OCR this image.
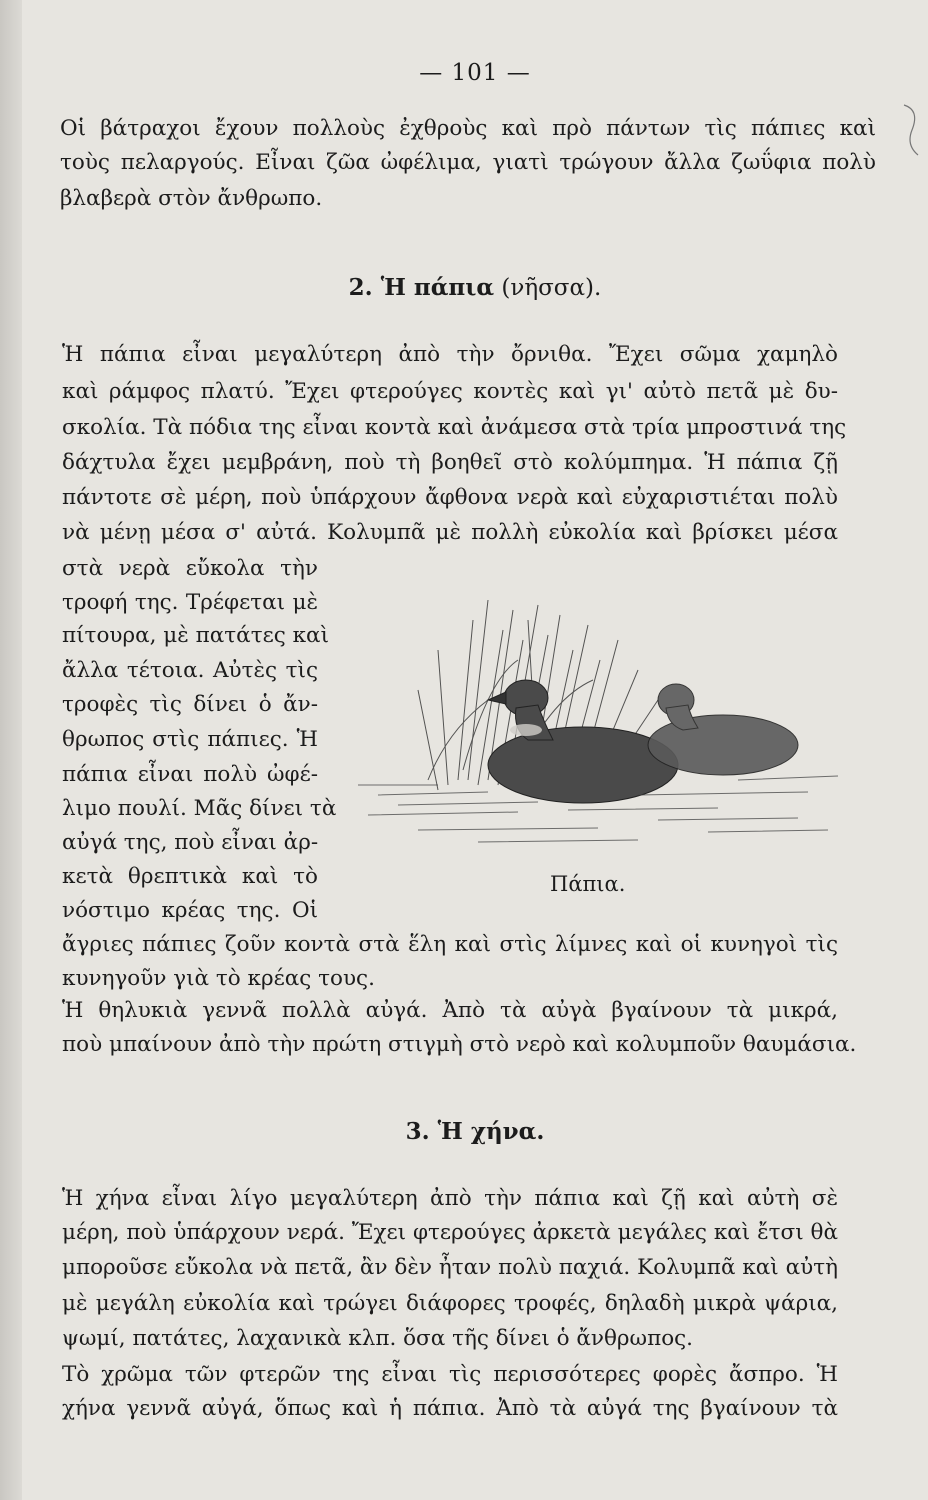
— 101 —
Οἱ βάτραχοι ἔχουν πολλοὺς ἐχθροὺς καὶ πρὸ πάντων τὶς πάπιες καὶ
τοὺς πελαργούς. Εἶναι ζῶα ὠφέλιμα, γιατὶ τρώγουν ἄλλα ζωΰφια πολὺ
βλαβερὰ στὸν ἄνθρωπο.
2. Ἡ πάπια (νῆσσα).
Ἡ πάπια εἶναι μεγαλύτερη ἀπὸ τὴν ὄρνιθα. Ἔχει σῶμα χαμηλὸ
καὶ ράμφος πλατύ. Ἔχει φτερούγες κοντὲς καὶ γι' αὐτὸ πετᾶ μὲ δυ-
σκολία. Τὰ πόδια της εἶναι κοντὰ καὶ ἀνάμεσα στὰ τρία μπροστινά της
δάχτυλα ἔχει μεμβράνη, ποὺ τὴ βοηθεῖ στὸ κολύμπημα. Ἡ πάπια ζῇ
πάντοτε σὲ μέρη, ποὺ ὑπάρχουν ἄφθονα νερὰ καὶ εὐχαριστιέται πολὺ
νὰ μένῃ μέσα σ' αὐτά. Κολυμπᾶ μὲ πολλὴ εὐκολία καὶ βρίσκει μέσα
στὰ νερὰ εὔκολα τὴν
τροφή της. Τρέφεται μὲ
πίτουρα, μὲ πατάτες καὶ
ἄλλα τέτοια. Αὐτὲς τὶς
τροφὲς τὶς δίνει ὁ ἄν-
θρωπος στὶς πάπιες. Ἡ
πάπια εἶναι πολὺ ὠφέ-
λιμο πουλί. Μᾶς δίνει τὰ
αὐγά της, ποὺ εἶναι ἀρ-
κετὰ θρεπτικὰ καὶ τὸ
νόστιμο κρέας της. Οἱ
Πάπια.
ἄγριες πάπιες ζοῦν κοντὰ στὰ ἕλη καὶ στὶς λίμνες καὶ οἱ κυνηγοὶ τὶς
κυνηγοῦν γιὰ τὸ κρέας τους.
Ἡ θηλυκιὰ γεννᾶ πολλὰ αὐγά. Ἀπὸ τὰ αὐγὰ βγαίνουν τὰ μικρά,
ποὺ μπαίνουν ἀπὸ τὴν πρώτη στιγμὴ στὸ νερὸ καὶ κολυμποῦν θαυμάσια.
3. Ἡ χήνα.
Ἡ χήνα εἶναι λίγο μεγαλύτερη ἀπὸ τὴν πάπια καὶ ζῇ καὶ αὐτὴ σὲ
μέρη, ποὺ ὑπάρχουν νερά. Ἔχει φτερούγες ἀρκετὰ μεγάλες καὶ ἔτσι θὰ
μποροῦσε εὔκολα νὰ πετᾶ, ἂν δὲν ἦταν πολὺ παχιά. Κολυμπᾶ καὶ αὐτὴ
μὲ μεγάλη εὐκολία καὶ τρώγει διάφορες τροφές, δηλαδὴ μικρὰ ψάρια,
ψωμί, πατάτες, λαχανικὰ κλπ. ὅσα τῆς δίνει ὁ ἄνθρωπος.
Τὸ χρῶμα τῶν φτερῶν της εἶναι τὶς περισσότερες φορὲς ἄσπρο. Ἡ
χήνα γεννᾶ αὐγά, ὅπως καὶ ἡ πάπια. Ἀπὸ τὰ αὐγά της βγαίνουν τὰ
